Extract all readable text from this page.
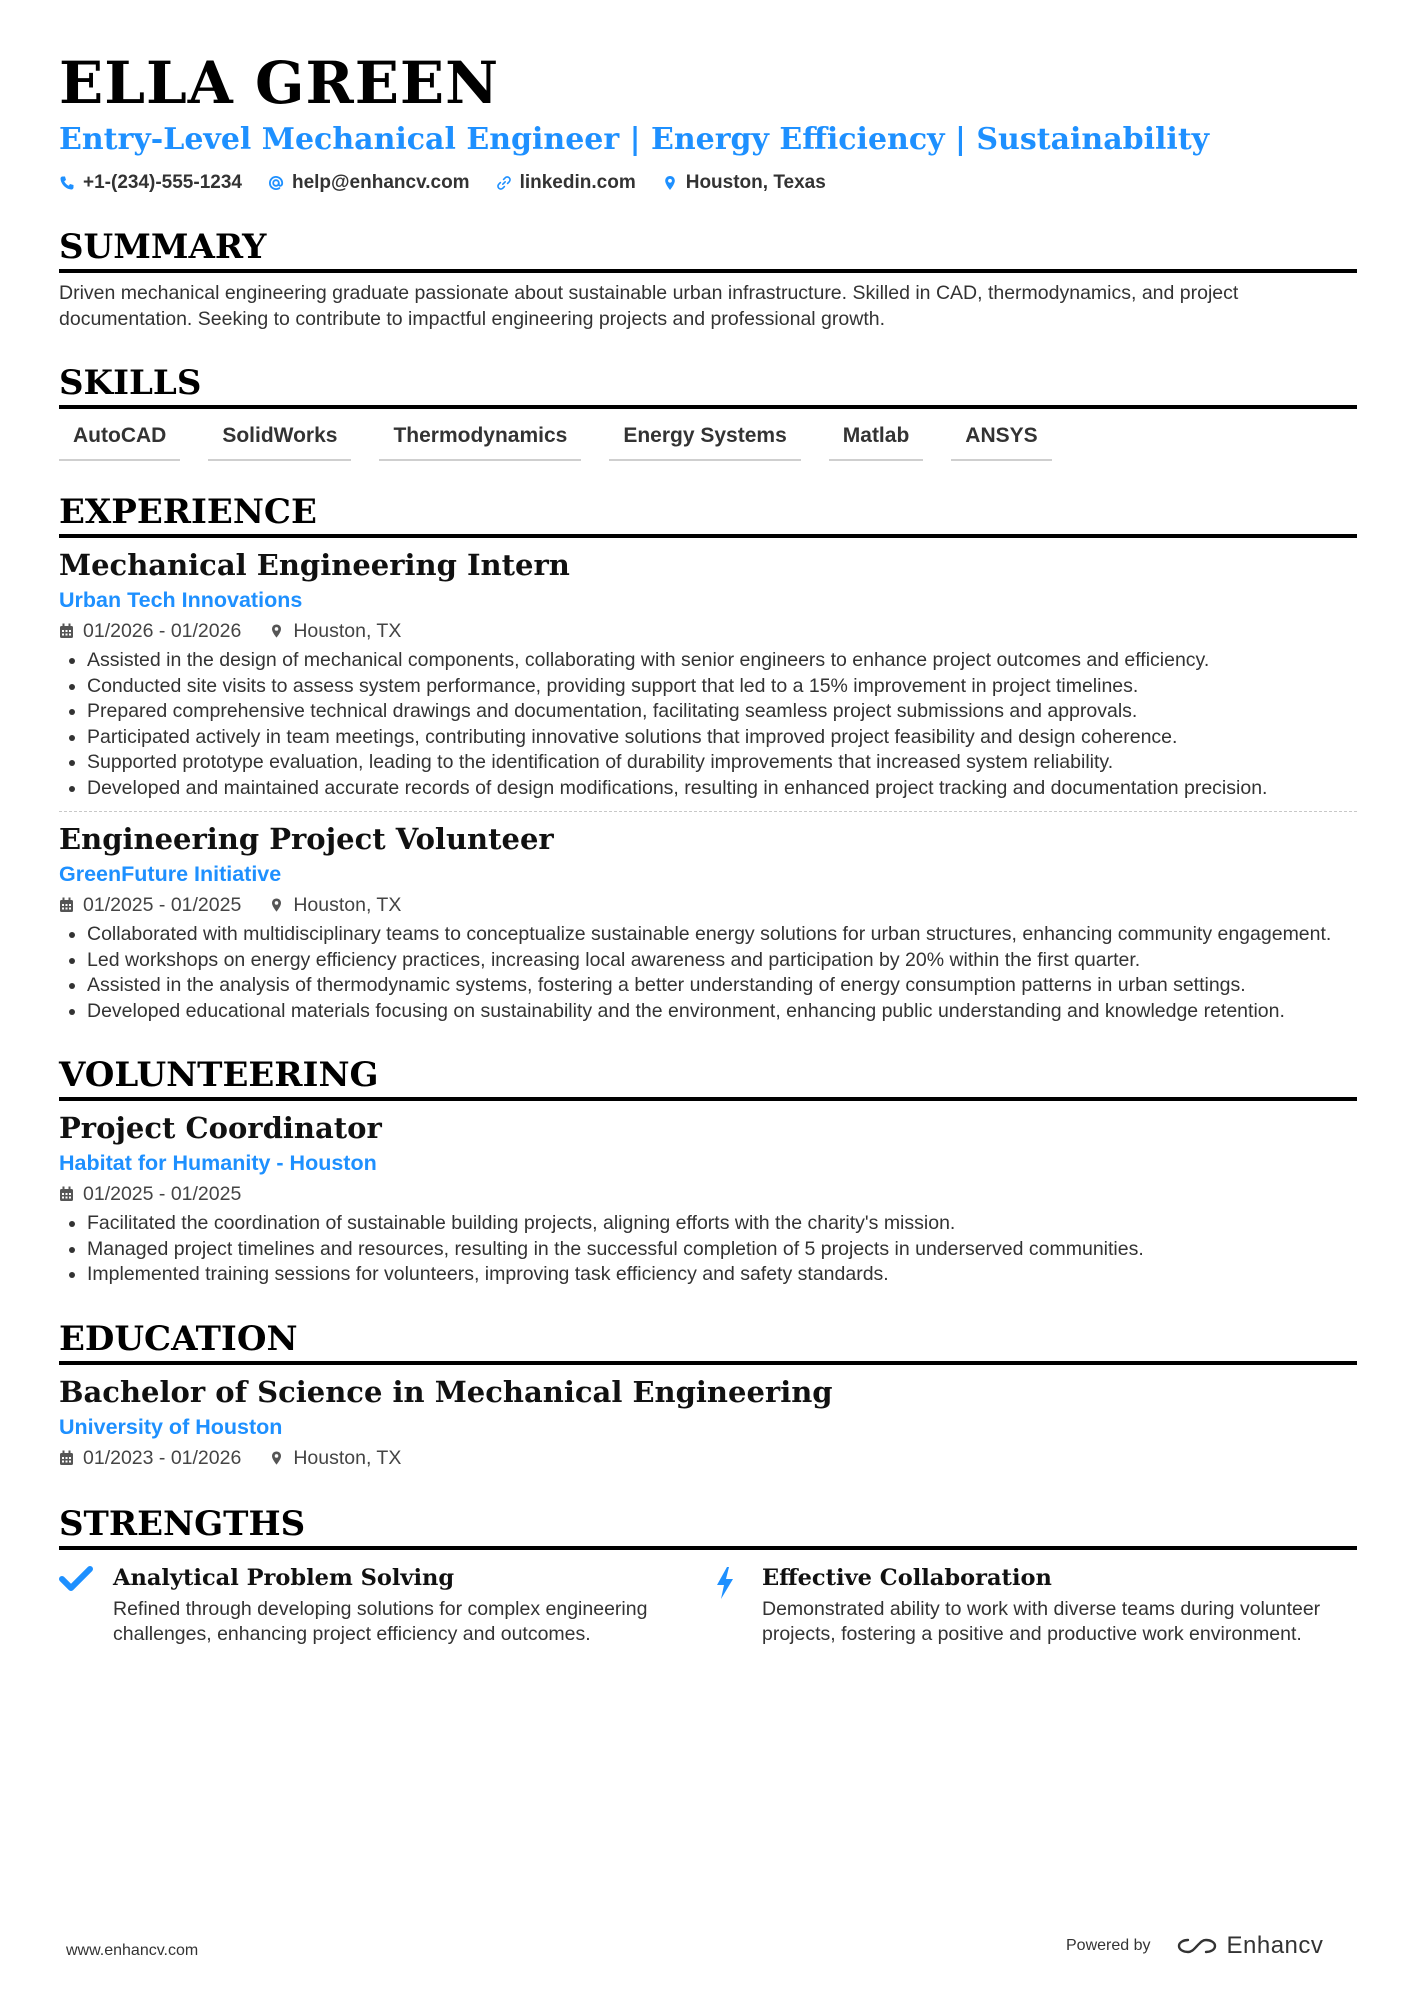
ELLA GREEN
Entry-Level Mechanical Engineer | Energy Efficiency | Sustainability
+1-(234)-555-1234	help@enhancv.com	linkedin.com	Houston, Texas
SUMMARY
Driven mechanical engineering graduate passionate about sustainable urban infrastructure. Skilled in CAD, thermodynamics, and project documentation. Seeking to contribute to impactful engineering projects and professional growth.
SKILLS
AutoCAD	SolidWorks	Thermodynamics	Energy Systems	Matlab	ANSYS
EXPERIENCE
Mechanical Engineering Intern
Urban Tech Innovations
01/2026 - 01/2026	Houston, TX
• Assisted in the design of mechanical components, collaborating with senior engineers to enhance project outcomes and efficiency.
• Conducted site visits to assess system performance, providing support that led to a 15% improvement in project timelines.
• Prepared comprehensive technical drawings and documentation, facilitating seamless project submissions and approvals.
• Participated actively in team meetings, contributing innovative solutions that improved project feasibility and design coherence.
• Supported prototype evaluation, leading to the identification of durability improvements that increased system reliability.
• Developed and maintained accurate records of design modifications, resulting in enhanced project tracking and documentation precision.
Engineering Project Volunteer
GreenFuture Initiative
01/2025 - 01/2025	Houston, TX
• Collaborated with multidisciplinary teams to conceptualize sustainable energy solutions for urban structures, enhancing community engagement.
• Led workshops on energy efficiency practices, increasing local awareness and participation by 20% within the first quarter.
• Assisted in the analysis of thermodynamic systems, fostering a better understanding of energy consumption patterns in urban settings.
• Developed educational materials focusing on sustainability and the environment, enhancing public understanding and knowledge retention.
VOLUNTEERING
Project Coordinator
Habitat for Humanity - Houston
01/2025 - 01/2025
• Facilitated the coordination of sustainable building projects, aligning efforts with the charity's mission.
• Managed project timelines and resources, resulting in the successful completion of 5 projects in underserved communities.
• Implemented training sessions for volunteers, improving task efficiency and safety standards.
EDUCATION
Bachelor of Science in Mechanical Engineering
University of Houston
01/2023 - 01/2026	Houston, TX
STRENGTHS
Analytical Problem Solving
Refined through developing solutions for complex engineering challenges, enhancing project efficiency and outcomes.
Effective Collaboration
Demonstrated ability to work with diverse teams during volunteer projects, fostering a positive and productive work environment.
www.enhancv.com	Powered by	Enhancv
